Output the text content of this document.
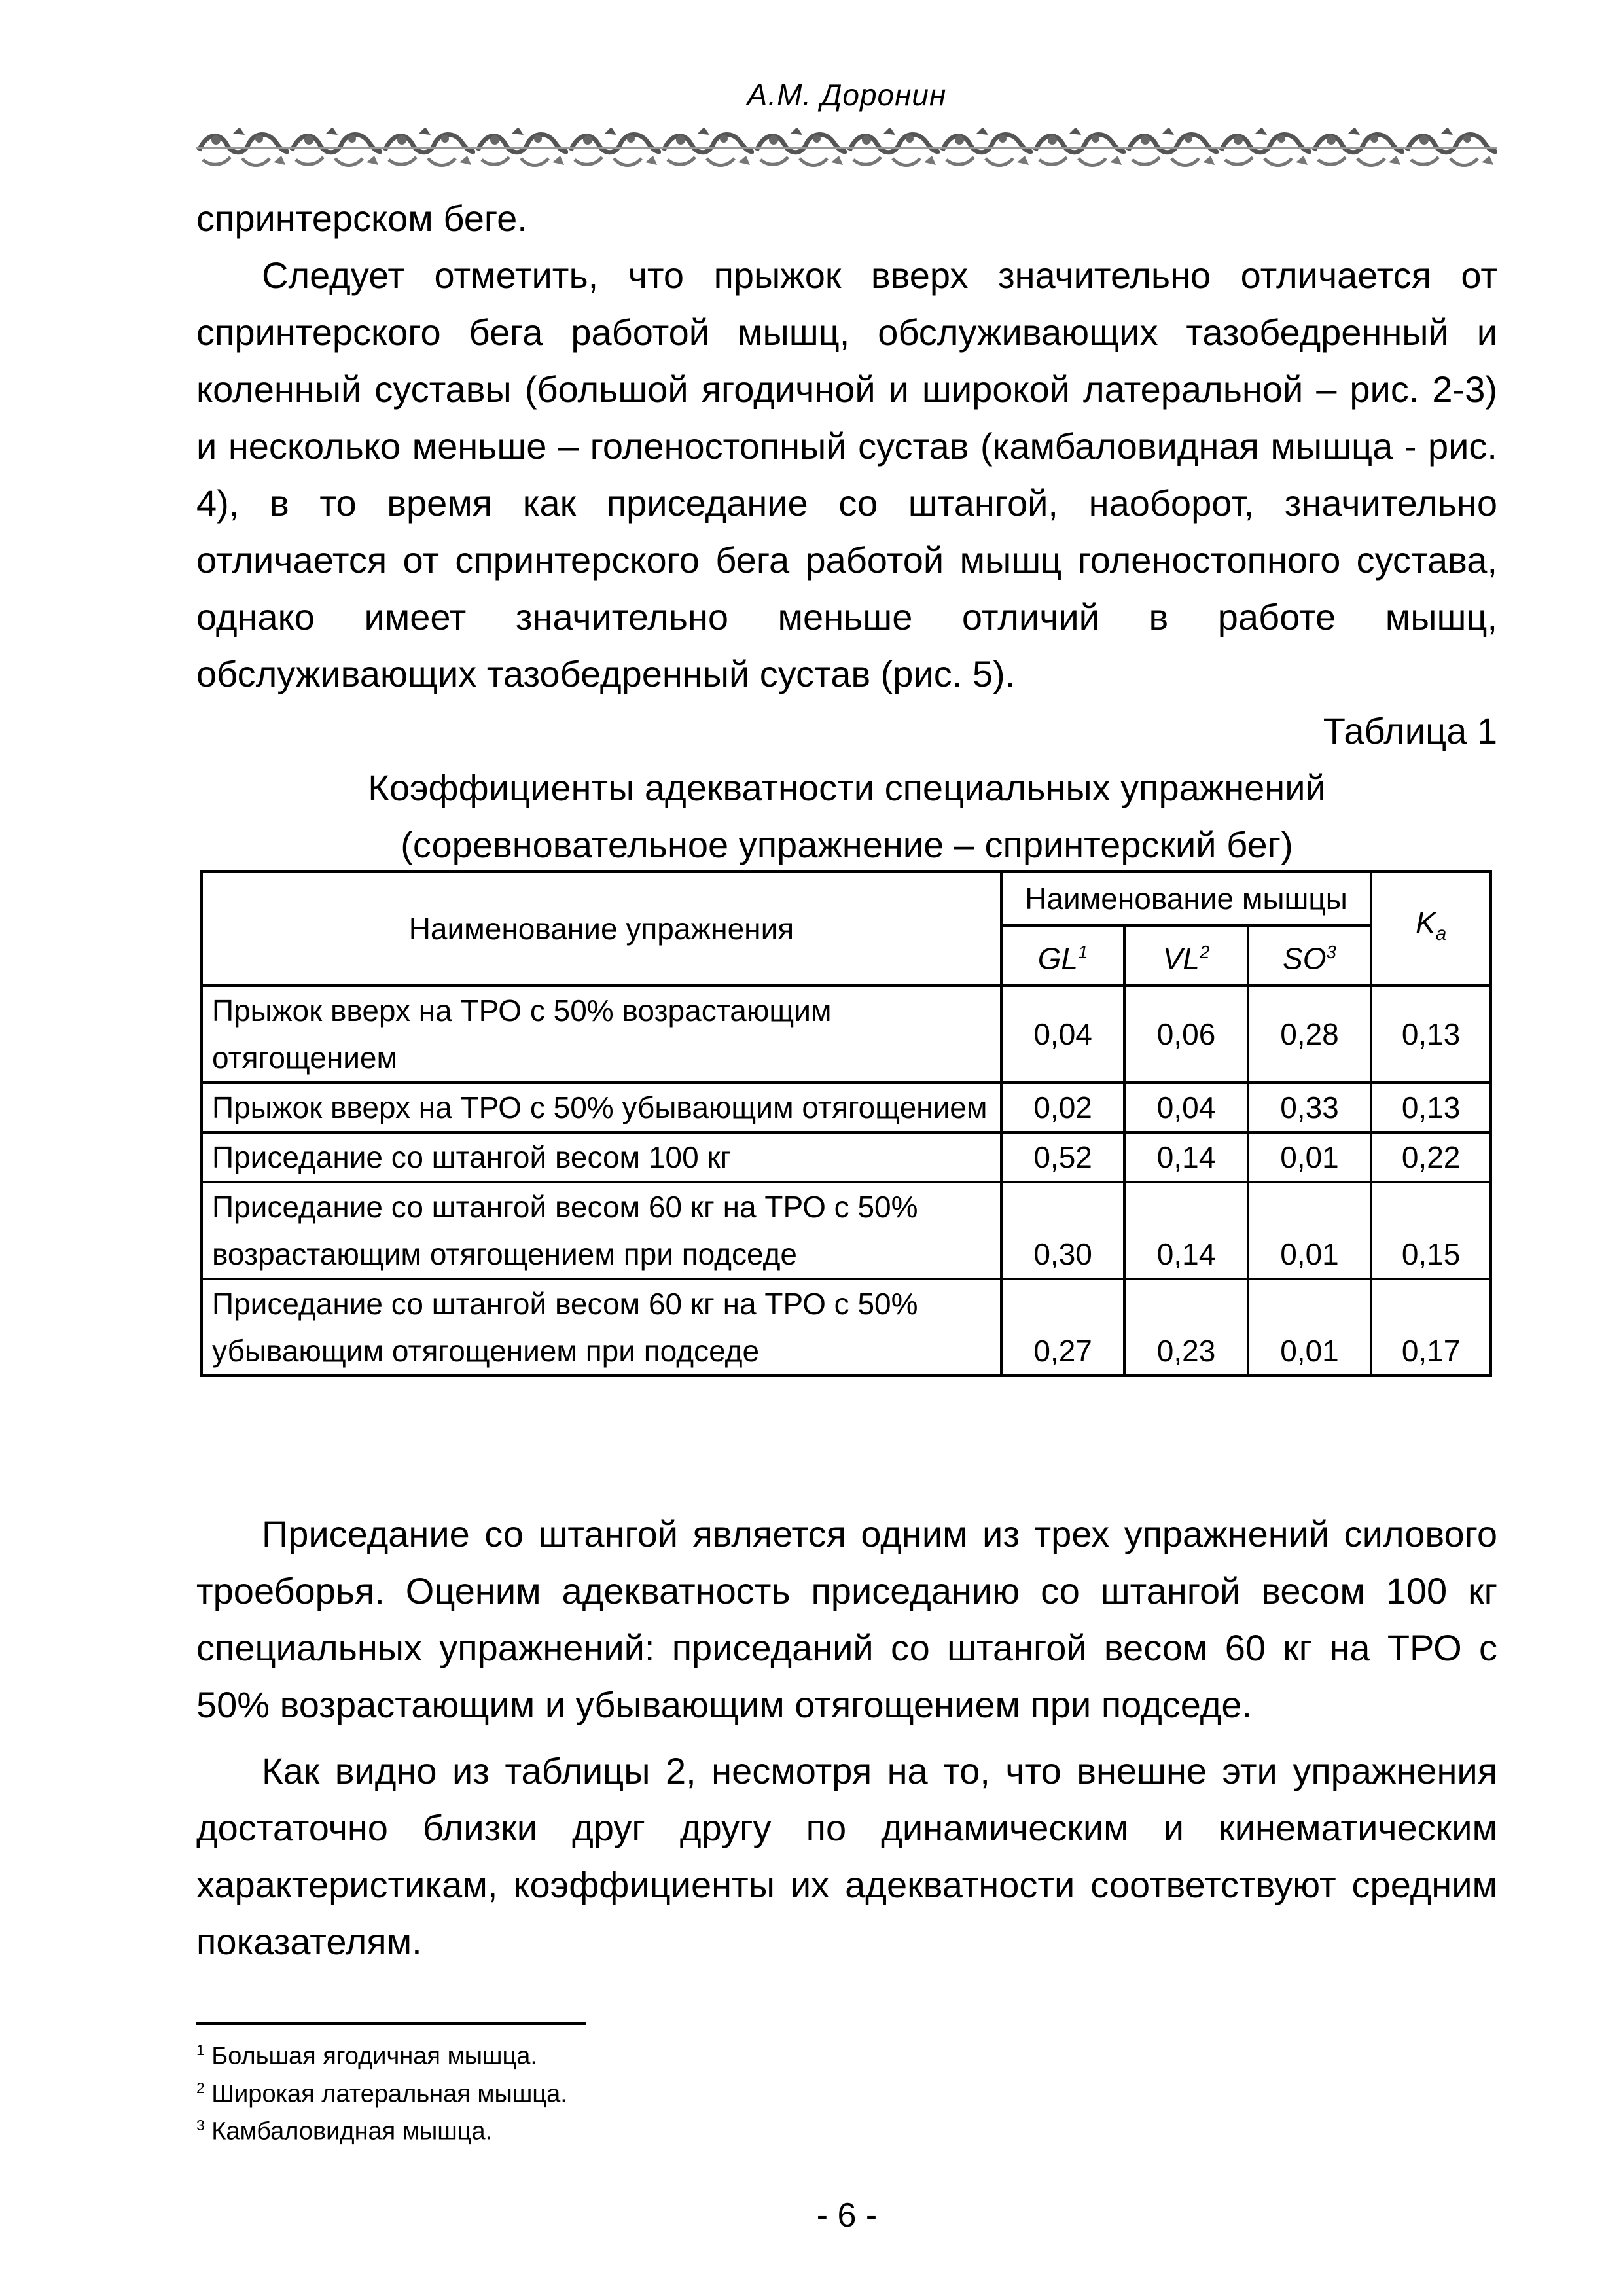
А.М. Доронин

спринтерском беге.

Следует отметить, что прыжок вверх значительно отличается от спринтерского бега работой мышц, обслуживающих тазобедренный и коленный суставы (большой ягодичной и широкой латеральной – рис. 2-3) и несколько меньше – голеностопный сустав (камбаловидная мышца - рис. 4), в то время как приседание со штангой, наоборот, значительно отличается от спринтерского бега работой мышц голеностопного сустава, однако имеет значительно меньше отличий в работе мышц, обслуживающих тазобедренный сустав (рис. 5).

Таблица 1

Коэффициенты адекватности специальных упражнений

(соревновательное упражнение – спринтерский бег)

Наименование упражнения	Наименование мышцы			$K_a$
	$GL^1$	$VL^2$	$SO^3$
Прыжок вверх на ТРО с 50% возрастающим отягощением	0,04	0,06	0,28	0,13
Прыжок вверх на ТРО с 50% убывающим отягощением	0,02	0,04	0,33	0,13
Приседание со штангой весом 100 кг	0,52	0,14	0,01	0,22
Приседание со штангой весом 60 кг на ТРО с 50% возрастающим отягощением при подседе	0,30	0,14	0,01	0,15
Приседание со штангой весом 60 кг на ТРО с 50% убывающим отягощением при подседе	0,27	0,23	0,01	0,17

Приседание со штангой является одним из трех упражнений силового троеборья. Оценим адекватность приседанию со штангой весом 100 кг специальных упражнений: приседаний со штангой весом 60 кг на ТРО с 50% возрастающим и убывающим отягощением при подседе.

Как видно из таблицы 2, несмотря на то, что внешне эти упражнения достаточно близки друг другу по динамическим и кинематическим характеристикам, коэффициенты их адекватности соответствуют средним показателям.

$^1$ Большая ягодичная мышца.
$^2$ Широкая латеральная мышца.
$^3$ Камбаловидная мышца.
- 6 -
